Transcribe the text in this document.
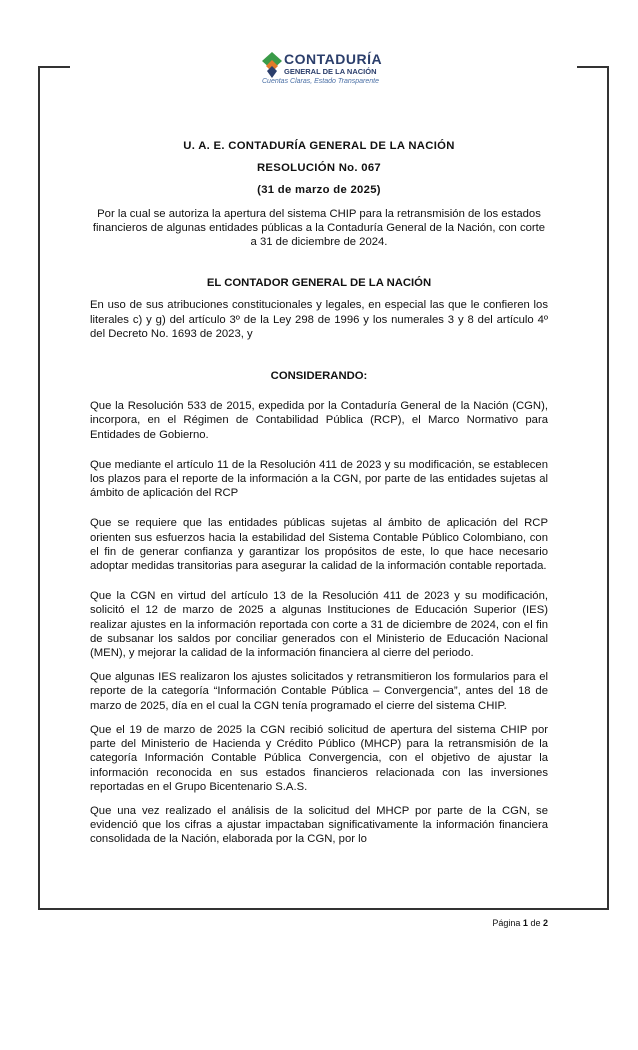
CONTADURÍA
GENERAL DE LA NACIÓN
Cuentas Claras, Estado Transparente
U. A. E. CONTADURÍA GENERAL DE LA NACIÓN
RESOLUCIÓN No. 067
(31 de marzo de 2025)
Por la cual se autoriza la apertura del sistema CHIP para la retransmisión de los estados financieros de algunas entidades públicas a la Contaduría General de la Nación, con corte a 31 de diciembre de 2024.
EL CONTADOR GENERAL DE LA NACIÓN
En uso de sus atribuciones constitucionales y legales, en especial las que le confieren los literales c) y g) del artículo 3º de la Ley 298 de 1996 y los numerales 3 y 8 del artículo 4º del Decreto No. 1693 de 2023, y
CONSIDERANDO:
Que la Resolución 533 de 2015, expedida por la Contaduría General de la Nación (CGN), incorpora, en el Régimen de Contabilidad Pública (RCP), el Marco Normativo para Entidades de Gobierno.
Que mediante el artículo 11 de la Resolución 411 de 2023 y su modificación, se establecen los plazos para el reporte de la información a la CGN, por parte de las entidades sujetas al ámbito de aplicación del RCP
Que se requiere que las entidades públicas sujetas al ámbito de aplicación del RCP orienten sus esfuerzos hacia la estabilidad del Sistema Contable Público Colombiano, con el fin de generar confianza y garantizar los propósitos de este, lo que hace necesario adoptar medidas transitorias para asegurar la calidad de la información contable reportada.
Que la CGN en virtud del artículo 13 de la Resolución 411 de 2023 y su modificación, solicitó el 12 de marzo de 2025 a algunas Instituciones de Educación Superior (IES) realizar ajustes en la información reportada con corte a 31 de diciembre de 2024, con el fin de subsanar los saldos por conciliar generados con el Ministerio de Educación Nacional (MEN), y mejorar la calidad de la información financiera al cierre del periodo.
Que algunas IES realizaron los ajustes solicitados y retransmitieron los formularios para el reporte de la categoría “Información Contable Pública – Convergencia”, antes del 18 de marzo de 2025, día en el cual la CGN tenía programado el cierre del sistema CHIP.
Que el 19 de marzo de 2025 la CGN recibió solicitud de apertura del sistema CHIP por parte del Ministerio de Hacienda y Crédito Público (MHCP) para la retransmisión de la categoría Información Contable Pública Convergencia, con el objetivo de ajustar la información reconocida en sus estados financieros relacionada con las inversiones reportadas en el Grupo Bicentenario S.A.S.
Que una vez realizado el análisis de la solicitud del MHCP por parte de la CGN, se evidenció que los cifras a ajustar impactaban significativamente la información financiera consolidada de la Nación, elaborada por la CGN, por lo
Página 1 de 2
